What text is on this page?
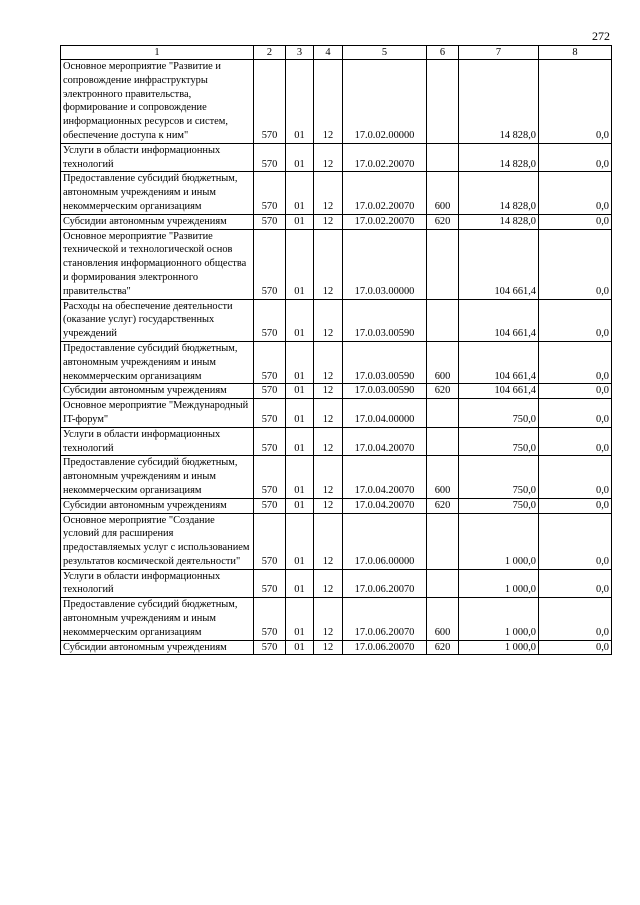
272
1	2	3	4	5	6	7	8
Основное мероприятие "Развитие и сопровождение инфраструктуры электронного правительства, формирование и сопровождение информационных ресурсов и систем, обеспечение доступа к ним"	570	01	12	17.0.02.00000		14 828,0	0,0
Услуги в области информационных технологий	570	01	12	17.0.02.20070		14 828,0	0,0
Предоставление субсидий бюджетным, автономным учреждениям и иным некоммерческим организациям	570	01	12	17.0.02.20070	600	14 828,0	0,0
Субсидии автономным учреждениям	570	01	12	17.0.02.20070	620	14 828,0	0,0
Основное мероприятие "Развитие технической и технологической основ становления информационного общества и формирования электронного правительства"	570	01	12	17.0.03.00000		104 661,4	0,0
Расходы на обеспечение деятельности (оказание услуг) государственных учреждений	570	01	12	17.0.03.00590		104 661,4	0,0
Предоставление субсидий бюджетным, автономным учреждениям и иным некоммерческим организациям	570	01	12	17.0.03.00590	600	104 661,4	0,0
Субсидии автономным учреждениям	570	01	12	17.0.03.00590	620	104 661,4	0,0
Основное мероприятие "Международный IT-форум"	570	01	12	17.0.04.00000		750,0	0,0
Услуги в области информационных технологий	570	01	12	17.0.04.20070		750,0	0,0
Предоставление субсидий бюджетным, автономным учреждениям и иным некоммерческим организациям	570	01	12	17.0.04.20070	600	750,0	0,0
Субсидии автономным учреждениям	570	01	12	17.0.04.20070	620	750,0	0,0
Основное мероприятие "Создание условий для расширения предоставляемых услуг с использованием результатов космической деятельности"	570	01	12	17.0.06.00000		1 000,0	0,0
Услуги в области информационных технологий	570	01	12	17.0.06.20070		1 000,0	0,0
Предоставление субсидий бюджетным, автономным учреждениям и иным некоммерческим организациям	570	01	12	17.0.06.20070	600	1 000,0	0,0
Субсидии автономным учреждениям	570	01	12	17.0.06.20070	620	1 000,0	0,0
